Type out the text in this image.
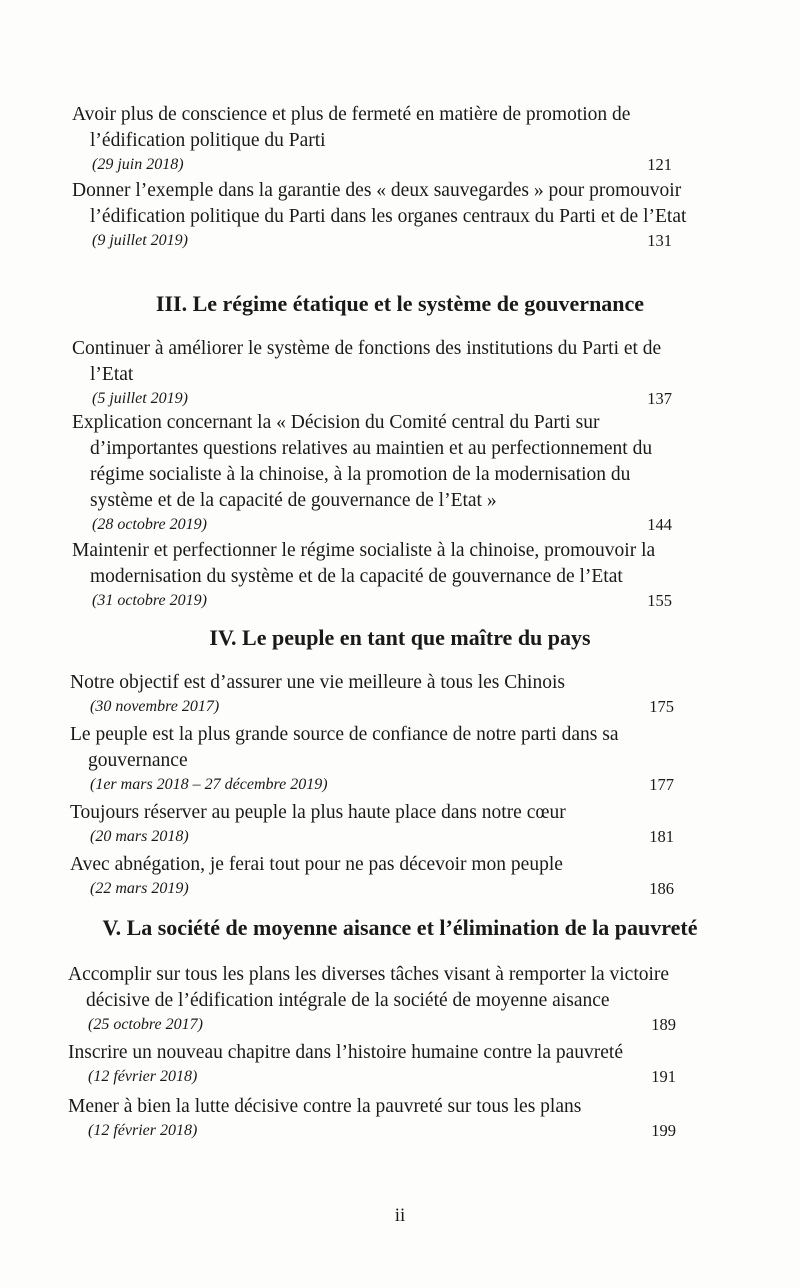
Avoir plus de conscience et plus de fermeté en matière de promotion de l’édification politique du Parti
(29 juin 2018)	121
Donner l’exemple dans la garantie des « deux sauvegardes » pour promouvoir l’édification politique du Parti dans les organes centraux du Parti et de l’Etat
(9 juillet 2019)	131
III. Le régime étatique et le système de gouvernance
Continuer à améliorer le système de fonctions des institutions du Parti et de l’Etat
(5 juillet 2019)	137
Explication concernant la « Décision du Comité central du Parti sur d’importantes questions relatives au maintien et au perfectionnement du régime socialiste à la chinoise, à la promotion de la modernisation du système et de la capacité de gouvernance de l’Etat »
(28 octobre 2019)	144
Maintenir et perfectionner le régime socialiste à la chinoise, promouvoir la modernisation du système et de la capacité de gouvernance de l’Etat
(31 octobre 2019)	155
IV. Le peuple en tant que maître du pays
Notre objectif est d’assurer une vie meilleure à tous les Chinois
(30 novembre 2017)	175
Le peuple est la plus grande source de confiance de notre parti dans sa gouvernance
(1er mars 2018 – 27 décembre 2019)	177
Toujours réserver au peuple la plus haute place dans notre cœur
(20 mars 2018)	181
Avec abnégation, je ferai tout pour ne pas décevoir mon peuple
(22 mars 2019)	186
V. La société de moyenne aisance et l’élimination de la pauvreté
Accomplir sur tous les plans les diverses tâches visant à remporter la victoire décisive de l’édification intégrale de la société de moyenne aisance
(25 octobre 2017)	189
Inscrire un nouveau chapitre dans l’histoire humaine contre la pauvreté
(12 février 2018)	191
Mener à bien la lutte décisive contre la pauvreté sur tous les plans
(12 février 2018)	199
ii
